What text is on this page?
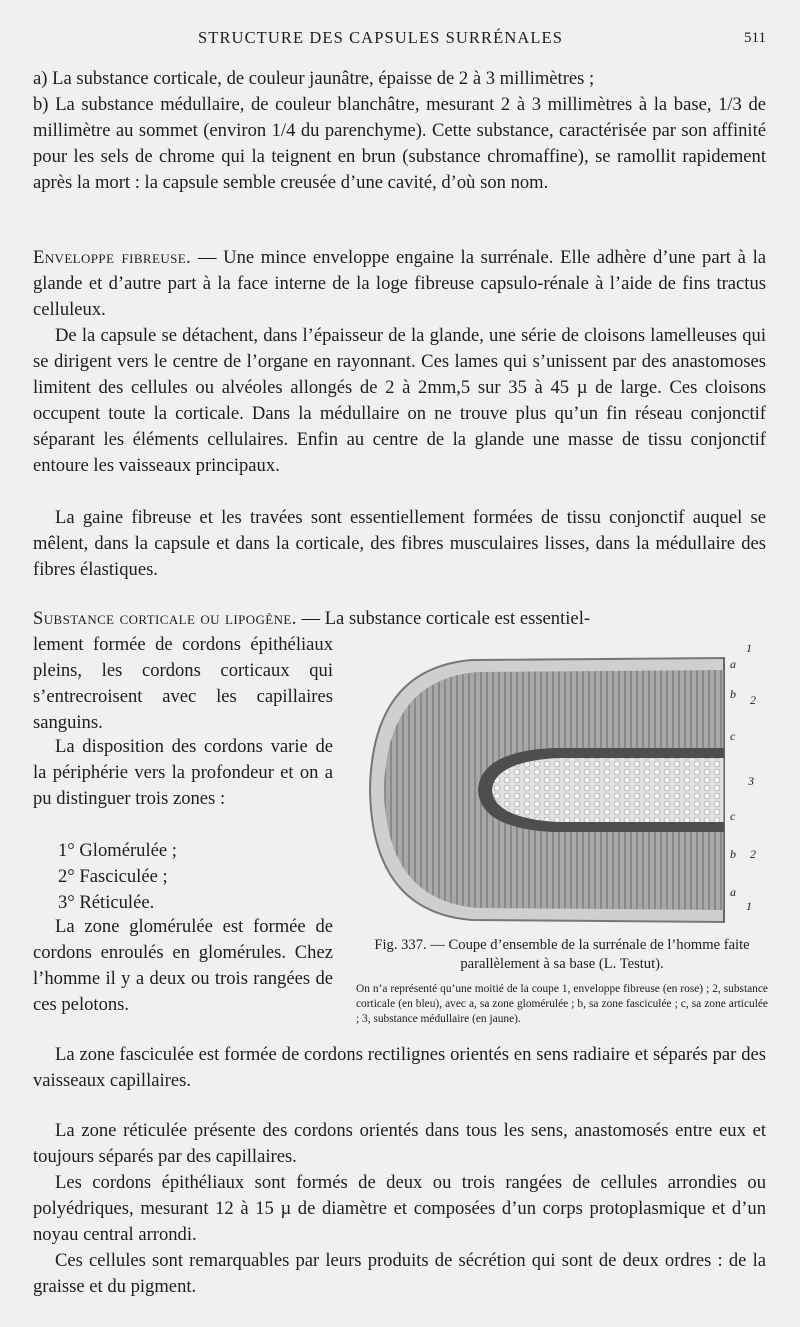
STRUCTURE DES CAPSULES SURRÉNALES	511

a) La substance corticale, de couleur jaunâtre, épaisse de 2 à 3 millimètres ;

b) La substance médullaire, de couleur blanchâtre, mesurant 2 à 3 millimètres à la base, 1/3 de millimètre au sommet (environ 1/4 du parenchyme). Cette substance, caractérisée par son affinité pour les sels de chrome qui la teignent en brun (substance chromaffine), se ramollit rapidement après la mort : la capsule semble creusée d’une cavité, d’où son nom.

Enveloppe fibreuse. — Une mince enveloppe engaine la surrénale. Elle adhère d’une part à la glande et d’autre part à la face interne de la loge fibreuse capsulo-rénale à l’aide de fins tractus celluleux.

De la capsule se détachent, dans l’épaisseur de la glande, une série de cloisons lamelleuses qui se dirigent vers le centre de l’organe en rayonnant. Ces lames qui s’unissent par des anastomoses limitent des cellules ou alvéoles allongés de 2 à 2mm,5 sur 35 à 45 µ de large. Ces cloisons occupent toute la corticale. Dans la médullaire on ne trouve plus qu’un fin réseau conjonctif séparant les éléments cellulaires. Enfin au centre de la glande une masse de tissu conjonctif entoure les vaisseaux principaux.

La gaine fibreuse et les travées sont essentiellement formées de tissu conjonctif auquel se mêlent, dans la capsule et dans la corticale, des fibres musculaires lisses, dans la médullaire des fibres élastiques.

Substance corticale ou lipogène. — La substance corticale est essentiel-

lement formée de cordons épithéliaux pleins, les cordons corticaux qui s’entrecroisent avec les capillaires sanguins.

La disposition des cordons varie de la périphérie vers la profondeur et on a pu distinguer trois zones :

1° Glomérulée ;
2° Fasciculée ;
3° Réticulée.

La zone glomérulée est formée de cordons enroulés en glomérules. Chez l’homme il y a deux ou trois rangées de ces pelotons.

La zone fasciculée est formée de cordons rectilignes orientés en sens radiaire et séparés par des vaisseaux capillaires.

La zone réticulée présente des cordons orientés dans tous les sens, anastomosés entre eux et toujours séparés par des capillaires.

Les cordons épithéliaux sont formés de deux ou trois rangées de cellules arrondies ou polyédriques, mesurant 12 à 15 µ de diamètre et composées d’un corps protoplasmique et d’un noyau central arrondi.

Ces cellules sont remarquables par leurs produits de sécrétion qui sont de deux ordres : de la graisse et du pigment.

1
a
b 2
c
3
c
b 2
a
1
Fig. 337. — Coupe d’ensemble de la surrénale de l’homme faite parallèlement à sa base (L. Testut).
On n’a représenté qu’une moitié de la coupe 1, enveloppe fibreuse (en rose) ; 2, substance corticale (en bleu), avec a, sa zone glomérulée ; b, sa zone fasciculée ; c, sa zone articulée ; 3, substance médullaire (en jaune).
